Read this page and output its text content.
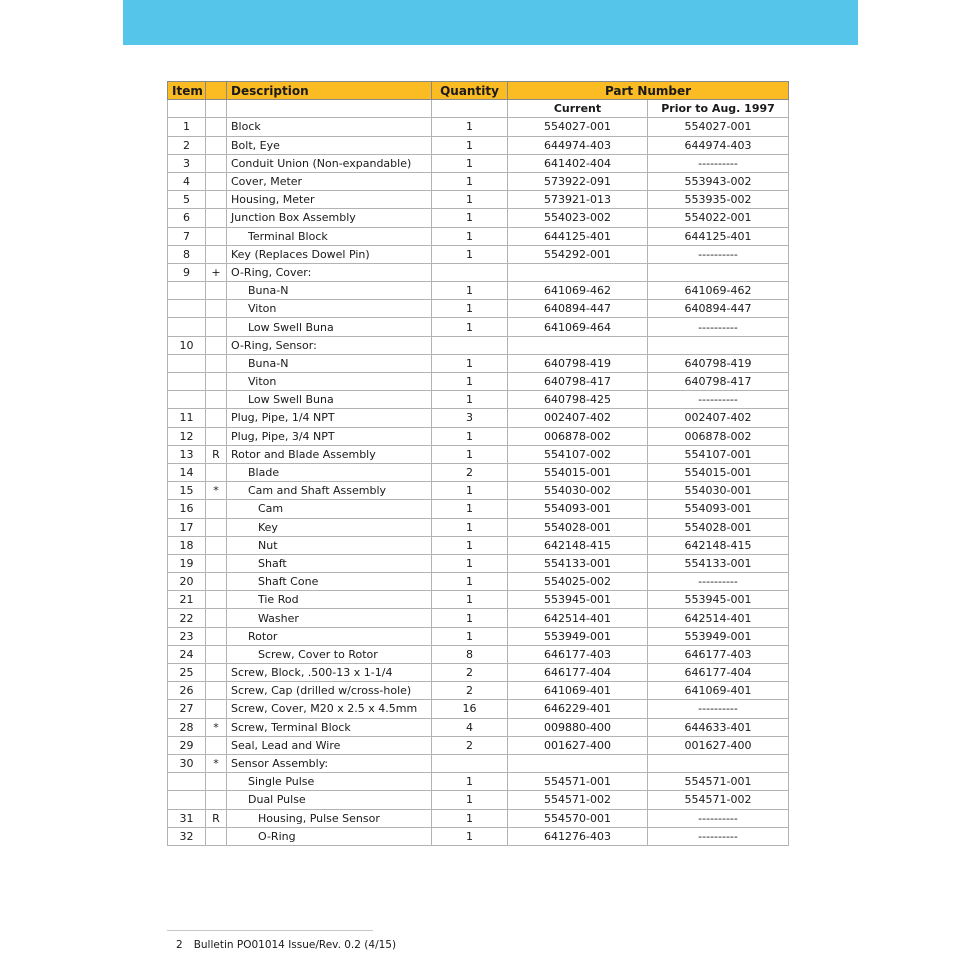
Item		Description	Quantity	Part Number	
				Current	Prior to Aug. 1997
1		Block	1	554027-001	554027-001
2		Bolt, Eye	1	644974-403	644974-403
3		Conduit Union (Non-expandable)	1	641402-404	----------
4		Cover, Meter	1	573922-091	553943-002
5		Housing, Meter	1	573921-013	553935-002
6		Junction Box Assembly	1	554023-002	554022-001
7		Terminal Block	1	644125-401	644125-401
8		Key (Replaces Dowel Pin)	1	554292-001	----------
9	+	O-Ring, Cover:			
		Buna-N	1	641069-462	641069-462
		Viton	1	640894-447	640894-447
		Low Swell Buna	1	641069-464	----------
10		O-Ring, Sensor:			
		Buna-N	1	640798-419	640798-419
		Viton	1	640798-417	640798-417
		Low Swell Buna	1	640798-425	----------
11		Plug, Pipe, 1/4 NPT	3	002407-402	002407-402
12		Plug, Pipe, 3/4 NPT	1	006878-002	006878-002
13	R	Rotor and Blade Assembly	1	554107-002	554107-001
14		Blade	2	554015-001	554015-001
15	*	Cam and Shaft Assembly	1	554030-002	554030-001
16		Cam	1	554093-001	554093-001
17		Key	1	554028-001	554028-001
18		Nut	1	642148-415	642148-415
19		Shaft	1	554133-001	554133-001
20		Shaft Cone	1	554025-002	----------
21		Tie Rod	1	553945-001	553945-001
22		Washer	1	642514-401	642514-401
23		Rotor	1	553949-001	553949-001
24		Screw, Cover to Rotor	8	646177-403	646177-403
25		Screw, Block, .500-13 x 1-1/4	2	646177-404	646177-404
26		Screw, Cap (drilled w/cross-hole)	2	641069-401	641069-401
27		Screw, Cover, M20 x 2.5 x 4.5mm	16	646229-401	----------
28	*	Screw, Terminal Block	4	009880-400	644633-401
29		Seal, Lead and Wire	2	001627-400	001627-400
30	*	Sensor Assembly:			
		Single Pulse	1	554571-001	554571-001
		Dual Pulse	1	554571-002	554571-002
31	R	Housing, Pulse Sensor	1	554570-001	----------
32		O-Ring	1	641276-403	----------
2 Bulletin PO01014 Issue/Rev. 0.2 (4/15)
